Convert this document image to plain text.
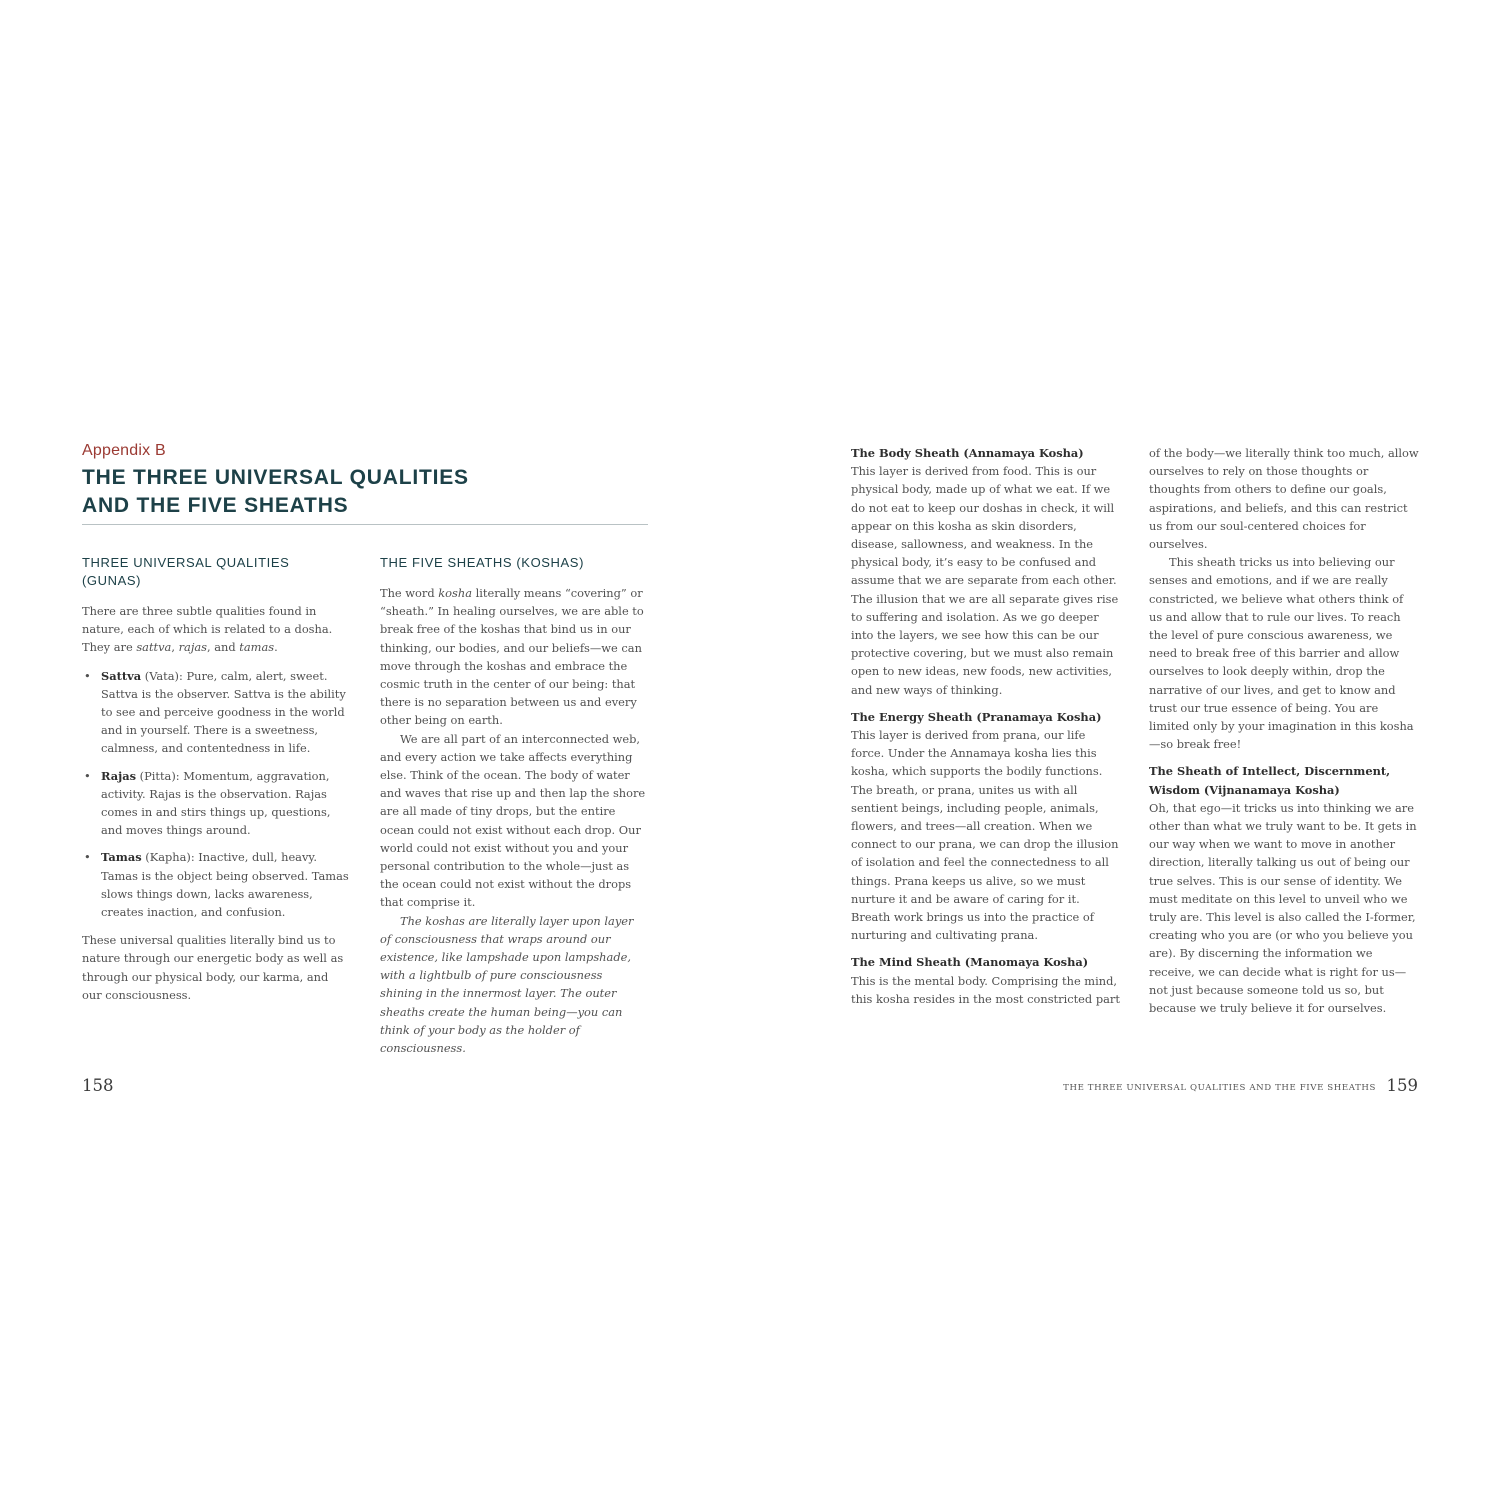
Appendix B
THE THREE UNIVERSAL QUALITIES
AND THE FIVE SHEATHS
THREE UNIVERSAL QUALITIES (GUNAS)

There are three subtle qualities found in nature, each of which is related to a dosha. They are sattva, rajas, and tamas.

• Sattva (Vata): Pure, calm, alert, sweet. Sattva is the observer. Sattva is the ability to see and perceive goodness in the world and in yourself. There is a sweetness, calmness, and contentedness in life.
• Rajas (Pitta): Momentum, aggravation, activity. Rajas is the observation. Rajas comes in and stirs things up, questions, and moves things around.
• Tamas (Kapha): Inactive, dull, heavy. Tamas is the object being observed. Tamas slows things down, lacks awareness, creates inaction, and confusion.

These universal qualities literally bind us to nature through our energetic body as well as through our physical body, our karma, and our consciousness.

THE FIVE SHEATHS (KOSHAS)

The word kosha literally means “covering” or “sheath.” In healing ourselves, we are able to break free of the koshas that bind us in our thinking, our bodies, and our beliefs—we can move through the koshas and embrace the cosmic truth in the center of our being: that there is no separation between us and every other being on earth.

We are all part of an interconnected web, and every action we take affects everything else. Think of the ocean. The body of water and waves that rise up and then lap the shore are all made of tiny drops, but the entire ocean could not exist without each drop. Our world could not exist without you and your personal contribution to the whole—just as the ocean could not exist without the drops that comprise it.

The koshas are literally layer upon layer of consciousness that wraps around our existence, like lampshade upon lampshade, with a lightbulb of pure consciousness shining in the innermost layer. The outer sheaths create the human being—you can think of your body as the holder of consciousness.

158
The Body Sheath (Annamaya Kosha)

This layer is derived from food. This is our physical body, made up of what we eat. If we do not eat to keep our doshas in check, it will appear on this kosha as skin disorders, disease, sallowness, and weakness. In the physical body, it’s easy to be confused and assume that we are separate from each other. The illusion that we are all separate gives rise to suffering and isolation. As we go deeper into the layers, we see how this can be our protective covering, but we must also remain open to new ideas, new foods, new activities, and new ways of thinking.

The Energy Sheath (Pranamaya Kosha)

This layer is derived from prana, our life force. Under the Annamaya kosha lies this kosha, which supports the bodily functions. The breath, or prana, unites us with all sentient beings, including people, animals, flowers, and trees—all creation. When we connect to our prana, we can drop the illusion of isolation and feel the connectedness to all things. Prana keeps us alive, so we must nurture it and be aware of caring for it. Breath work brings us into the practice of nurturing and cultivating prana.

The Mind Sheath (Manomaya Kosha)

This is the mental body. Comprising the mind, this kosha resides in the most constricted part

of the body—we literally think too much, allow ourselves to rely on those thoughts or thoughts from others to define our goals, aspirations, and beliefs, and this can restrict us from our soul-centered choices for ourselves.

This sheath tricks us into believing our senses and emotions, and if we are really constricted, we believe what others think of us and allow that to rule our lives. To reach the level of pure conscious awareness, we need to break free of this barrier and allow ourselves to look deeply within, drop the narrative of our lives, and get to know and trust our true essence of being. You are limited only by your imagination in this kosha—so break free!

The Sheath of Intellect, Discernment,
Wisdom (Vijnanamaya Kosha)

Oh, that ego—it tricks us into thinking we are other than what we truly want to be. It gets in our way when we want to move in another direction, literally talking us out of being our true selves. This is our sense of identity. We must meditate on this level to unveil who we truly are. This level is also called the I-former, creating who you are (or who you believe you are). By discerning the information we receive, we can decide what is right for us—not just because someone told us so, but because we truly believe it for ourselves.

THE THREE UNIVERSAL QUALITIES AND THE FIVE SHEATHS 159
